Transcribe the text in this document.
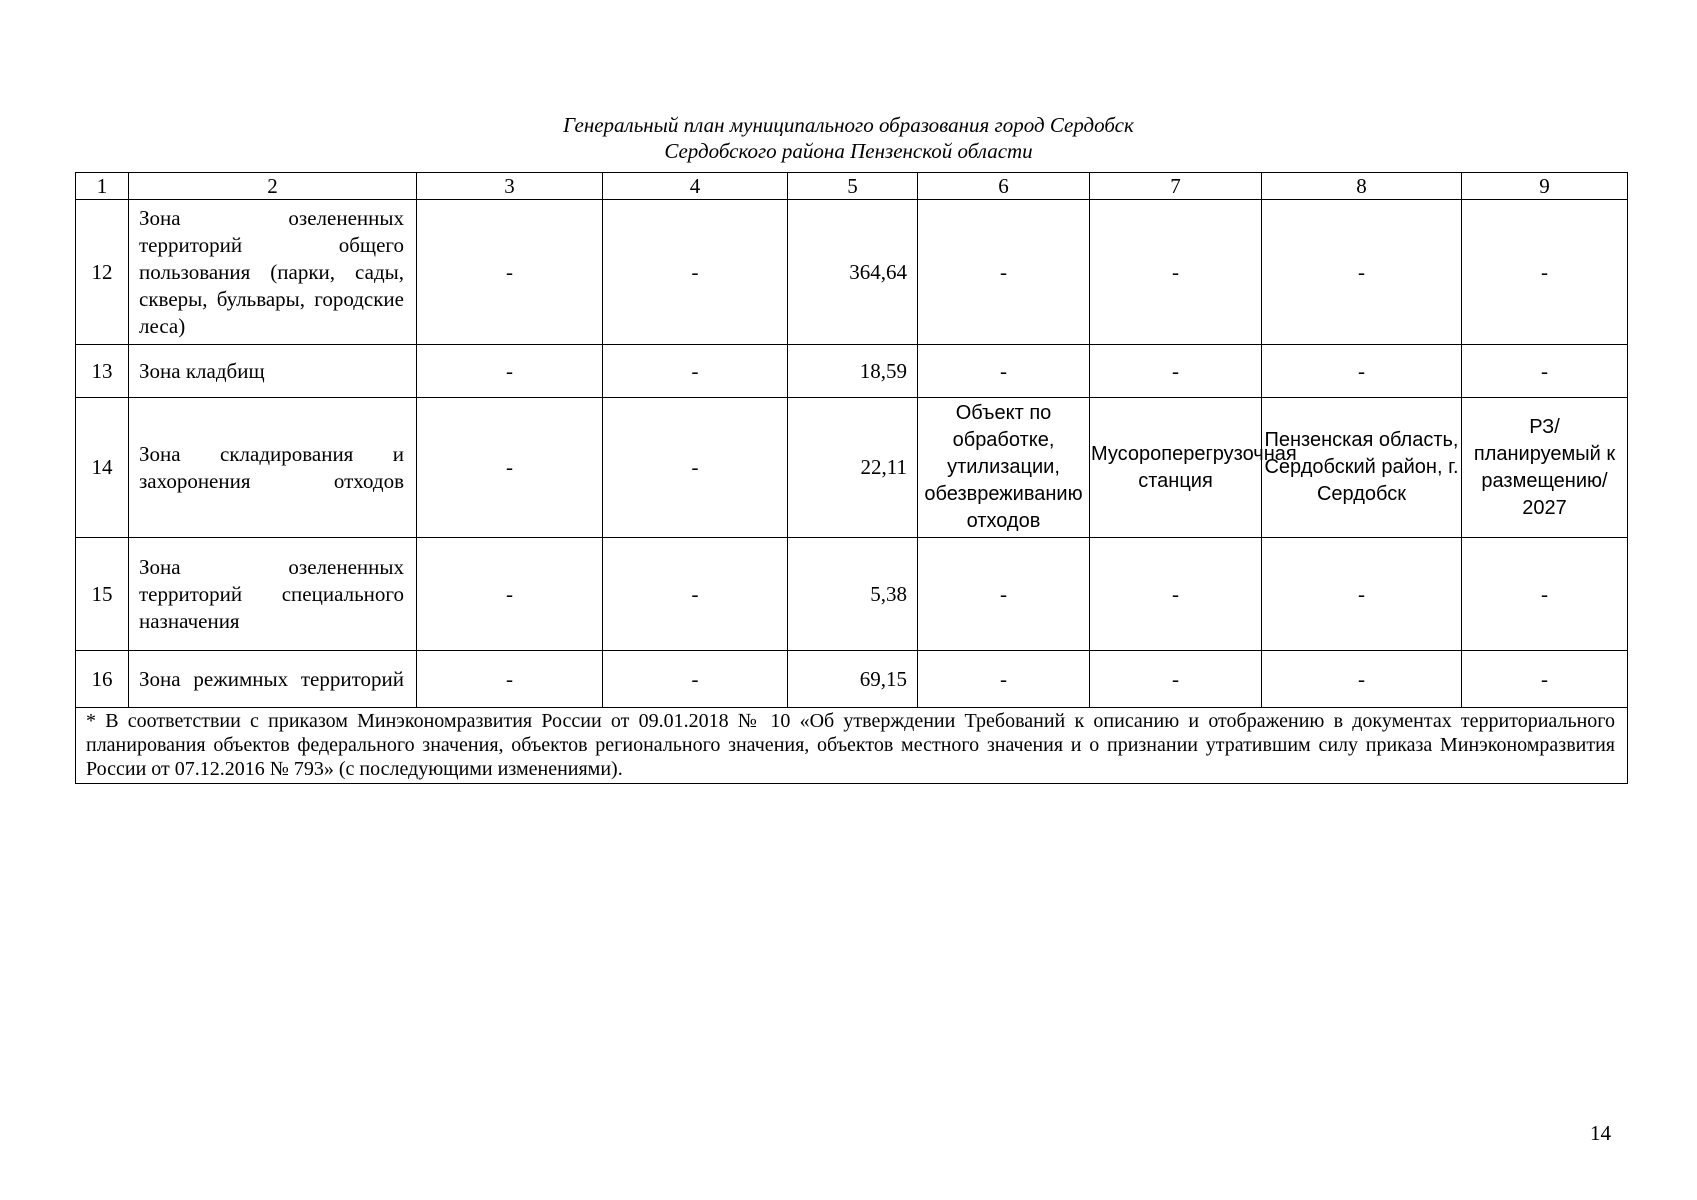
Генеральный план муниципального образования город Сердобск
Сердобского района Пензенской области
1	2	3	4	5	6	7	8	9
12	Зона озелененных территорий общего пользования (парки, сады, скверы, бульвары, городские леса)	-	-	364,64	-	-	-	-
13	Зона кладбищ	-	-	18,59	-	-	-	-
14	Зона складирования и захоронения отходов	-	-	22,11	Объект по обработке, утилизации, обезвреживанию отходов	Мусороперегрузочная станция	Пензенская область, Сердобский район, г. Сердобск	РЗ/ планируемый к размещению/ 2027
15	Зона озелененных территорий специального назначения	-	-	5,38	-	-	-	-
16	Зона режимных территорий	-	-	69,15	-	-	-	-
* В соответствии с приказом Минэкономразвития России от 09.01.2018 № 10 «Об утверждении Требований к описанию и отображению в документах территориального планирования объектов федерального значения, объектов регионального значения, объектов местного значения и о признании утратившим силу приказа Минэкономразвития России от 07.12.2016 № 793» (с последующими изменениями).								
14
